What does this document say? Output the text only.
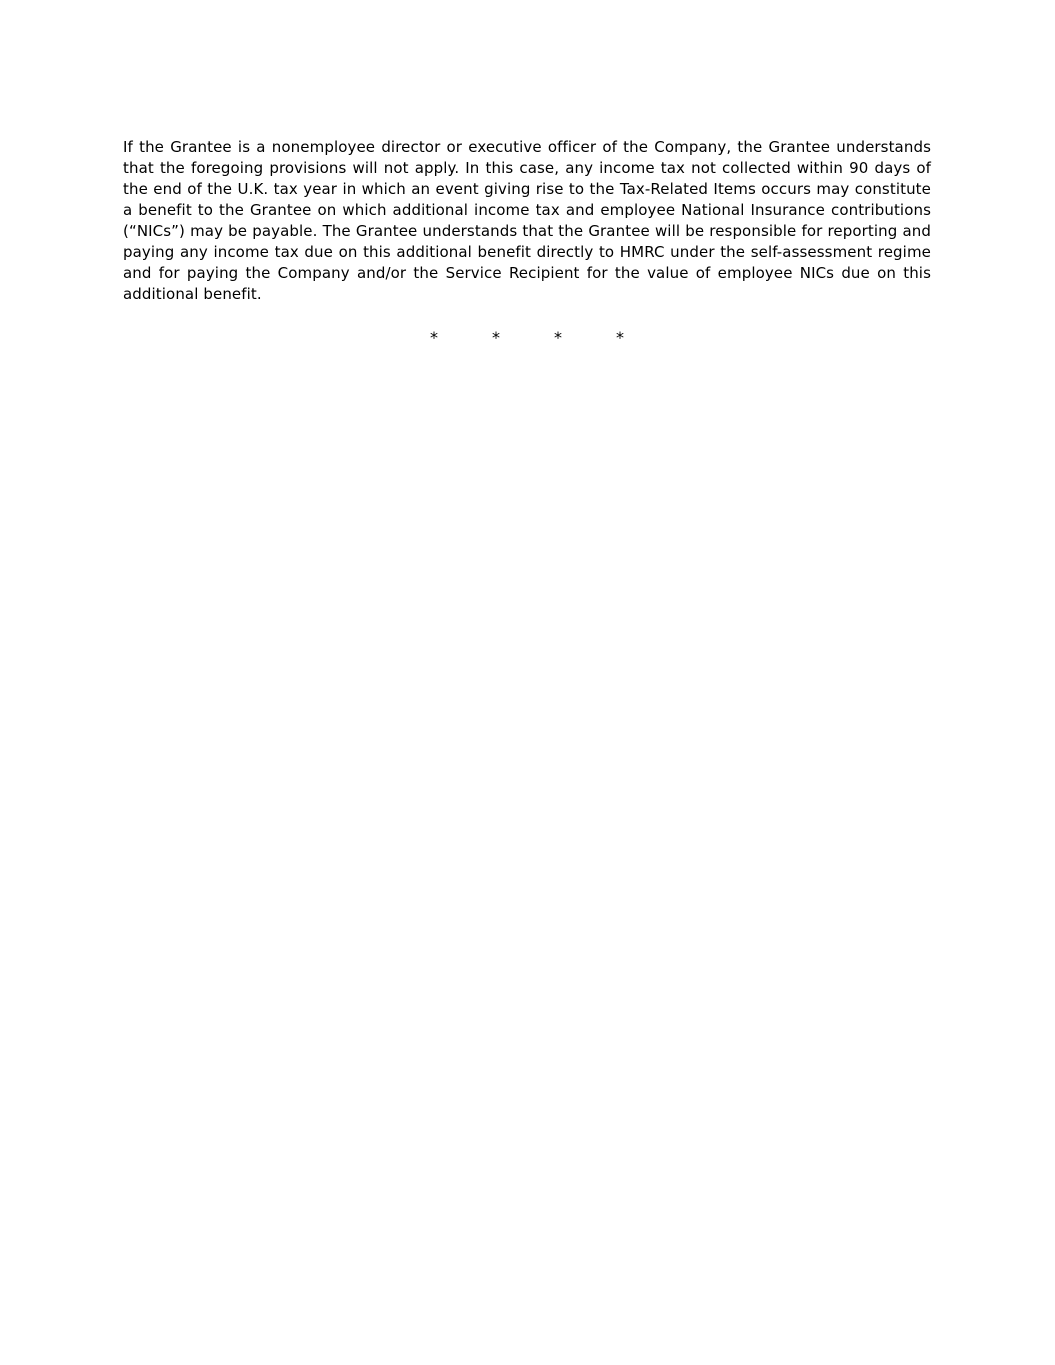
If the Grantee is a nonemployee director or executive officer of the Company, the Grantee understands that the foregoing provisions will not apply. In this case, any income tax not collected within 90 days of the end of the U.K. tax year in which an event giving rise to the Tax-Related Items occurs may constitute a benefit to the Grantee on which additional income tax and employee National Insurance contributions (“NICs”) may be payable. The Grantee understands that the Grantee will be responsible for reporting and paying any income tax due on this additional benefit directly to HMRC under the self-assessment regime and for paying the Company and/or the Service Recipient for the value of employee NICs due on this additional benefit.

*	*	*	*
